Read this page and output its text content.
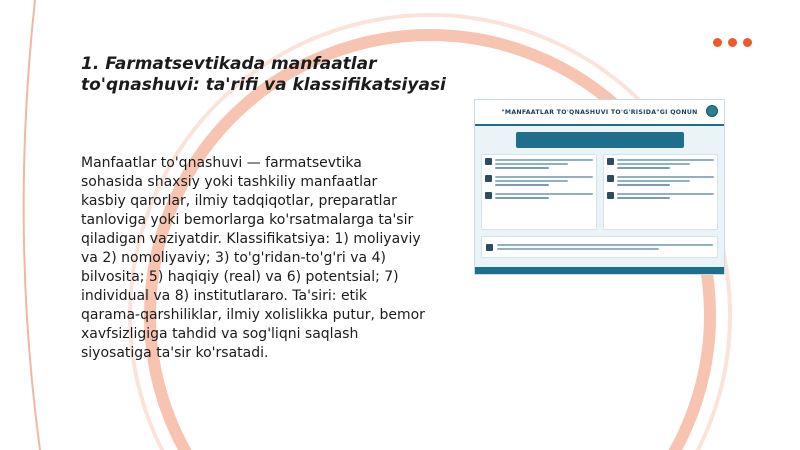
1. Farmatsevtikada manfaatlar to'qnashuvi: ta'rifi va klassifikatsiyasi

Manfaatlar to'qnashuvi — farmatsevtika sohasida shaxsiy yoki tashkiliy manfaatlar kasbiy qarorlar, ilmiy tadqiqotlar, preparatlar tanloviga yoki bemorlarga ko'rsatmalarga ta'sir qiladigan vaziyatdir. Klassifikatsiya: 1) moliyaviy va 2) nomoliyaviy; 3) to'g'ridan-to'g'ri va 4) bilvosita; 5) haqiqiy (real) va 6) potentsial; 7) individual va 8) institutlararo. Ta'siri: etik qarama-qarshiliklar, ilmiy xolislikka putur, bemor xavfsizligiga tahdid va sog'liqni saqlash siyosatiga ta'sir ko'rsatadi.

"MANFAATLAR TO'QNASHUVI TO'G'RISIDA"GI QONUN
